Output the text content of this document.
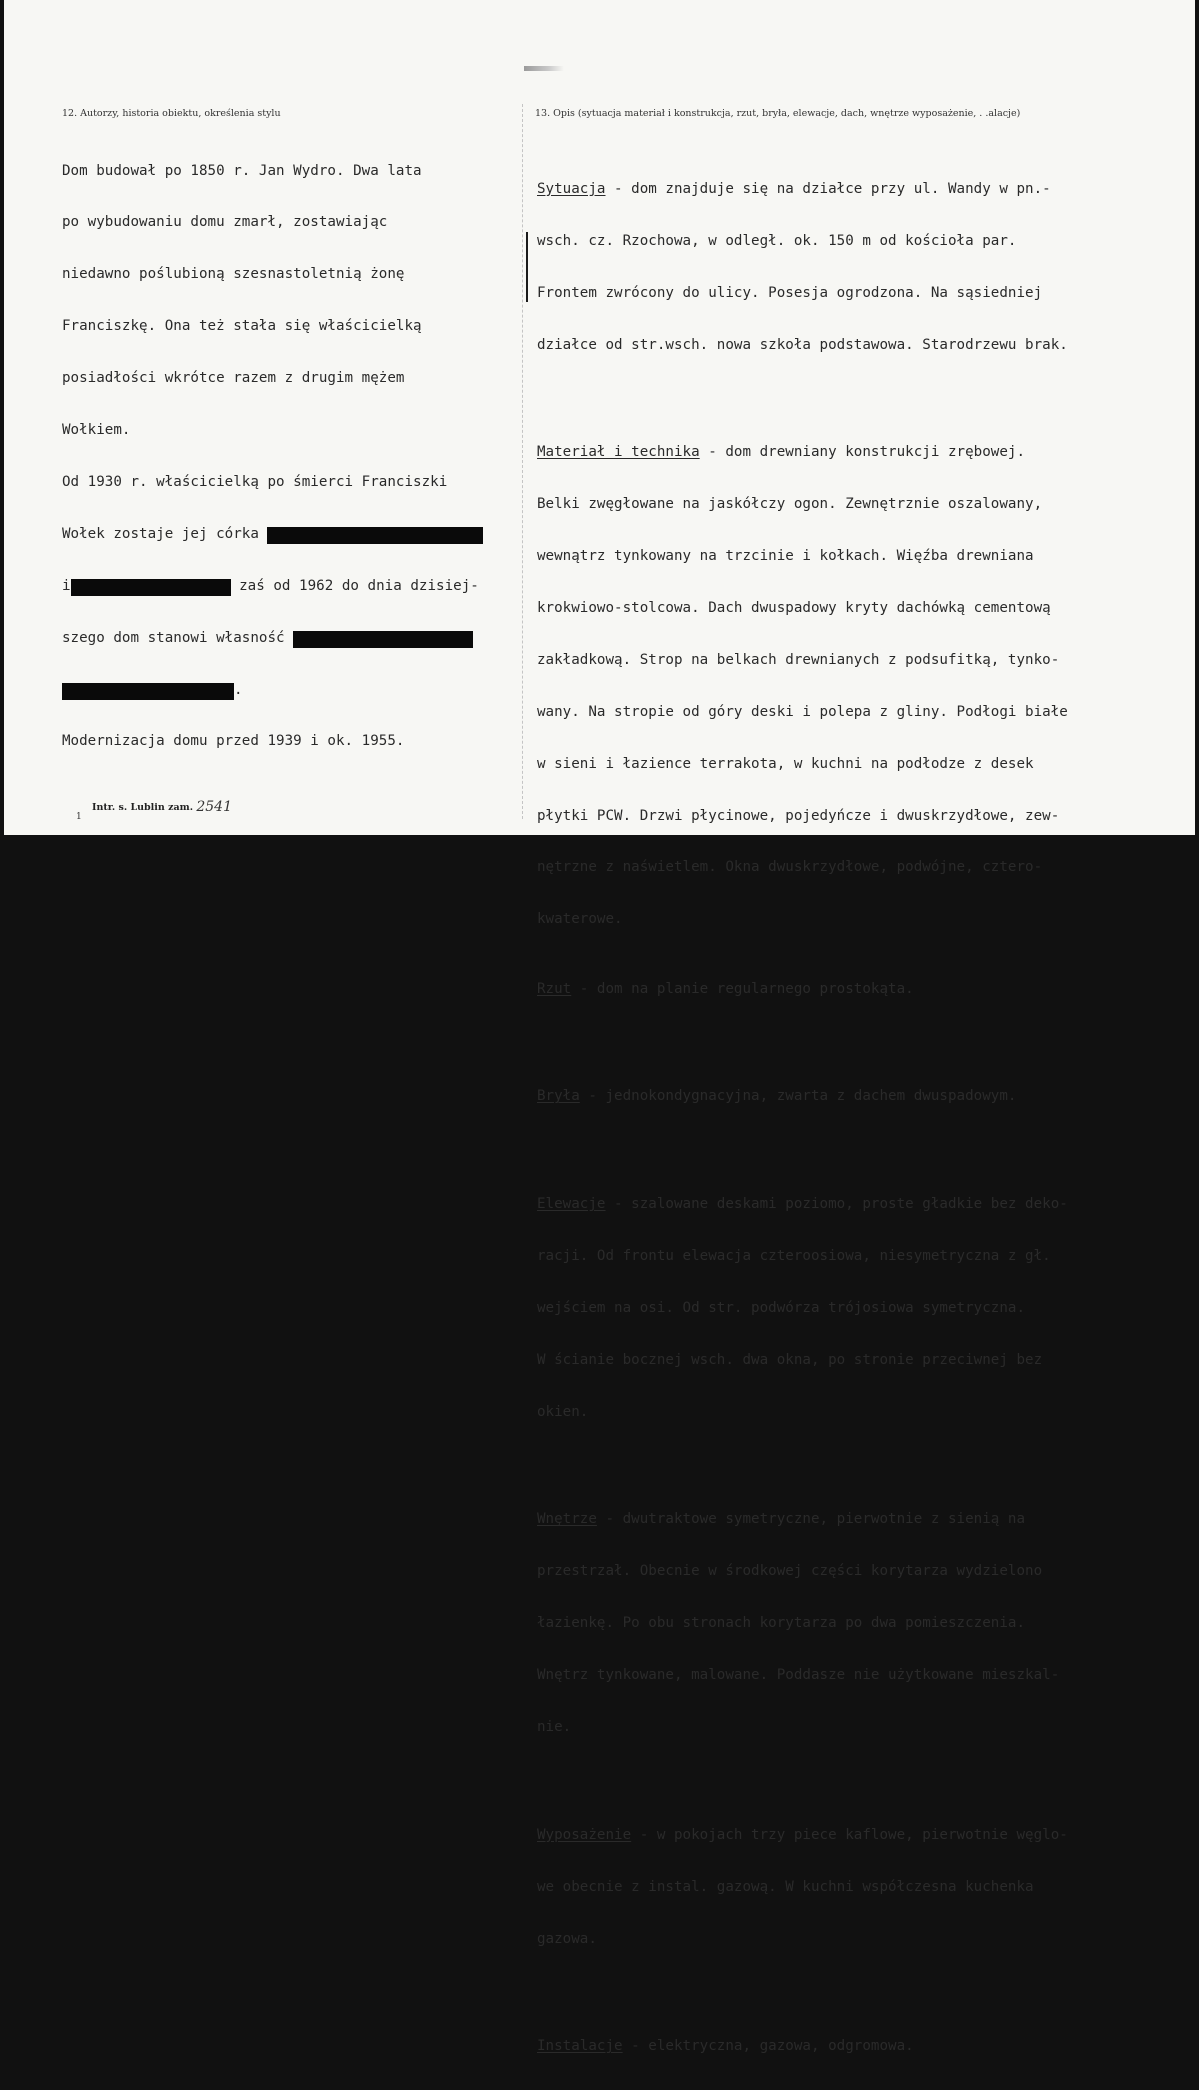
12. Autorzy, historia obiektu, określenia stylu	13. Opis (sytuacja materiał i konstrukcja, rzut, bryła, elewacje, dach, wnętrze wyposażenie, . .alacje)

Dom budował po 1850 r. Jan Wydro. Dwa lata

po wybudowaniu domu zmarł, zostawiając

niedawno poślubioną szesnastoletnią żonę

Franciszkę. Ona też stała się właścicielką

posiadłości wkrótce razem z drugim mężem

Wołkiem.

Od 1930 r. właścicielką po śmierci Franciszki

Wołek zostaje jej córka

i	zaś od 1962 do dnia dzisiej-

szego dom stanowi własność

.

Modernizacja domu przed 1939 i ok. 1955.

Sytuacja - dom znajduje się na działce przy ul. Wandy w pn.-

wsch. cz. Rzochowa, w odległ. ok. 150 m od kościoła par.

Frontem zwrócony do ulicy. Posesja ogrodzona. Na sąsiedniej

działce od str.wsch. nowa szkoła podstawowa. Starodrzewu brak.

Materiał i technika - dom drewniany konstrukcji zrębowej.

Belki zwęgłowane na jaskółczy ogon. Zewnętrznie oszalowany,

wewnątrz tynkowany na trzcinie i kołkach. Więźba drewniana

krokwiowo-stolcowa. Dach dwuspadowy kryty dachówką cementową

zakładkową. Strop na belkach drewnianych z podsufitką, tynko-

wany. Na stropie od góry deski i polepa z gliny. Podłogi białe

w sieni i łazience terrakota, w kuchni na podłodze z desek

płytki PCW. Drzwi płycinowe, pojedyńcze i dwuskrzydłowe, zew-

nętrzne z naświetlem. Okna dwuskrzydłowe, podwójne, cztero-

kwaterowe.

Rzut - dom na planie regularnego prostokąta.

Bryła - jednokondygnacyjna, zwarta z dachem dwuspadowym.

Elewacje - szalowane deskami poziomo, proste gładkie bez deko-

racji. Od frontu elewacja czteroosiowa, niesymetryczna z gł.

wejściem na osi. Od str. podwórza trójosiowa symetryczna.

W ścianie bocznej wsch. dwa okna, po stronie przeciwnej bez

okien.

Wnętrze - dwutraktowe symetryczne, pierwotnie z sienią na

przestrzał. Obecnie w środkowej części korytarza wydzielono

łazienkę. Po obu stronach korytarza po dwa pomieszczenia.

Wnętrz tynkowane, malowane. Poddasze nie użytkowane mieszkal-

nie.

Wyposażenie - w pokojach trzy piece kaflowe, pierwotnie węglo-

we obecnie z instal. gazową. W kuchni współczesna kuchenka

gazowa.

Instalacje - elektryczna, gazowa, odgromowa.

Intr. s. Lublin zam. 2541
1
